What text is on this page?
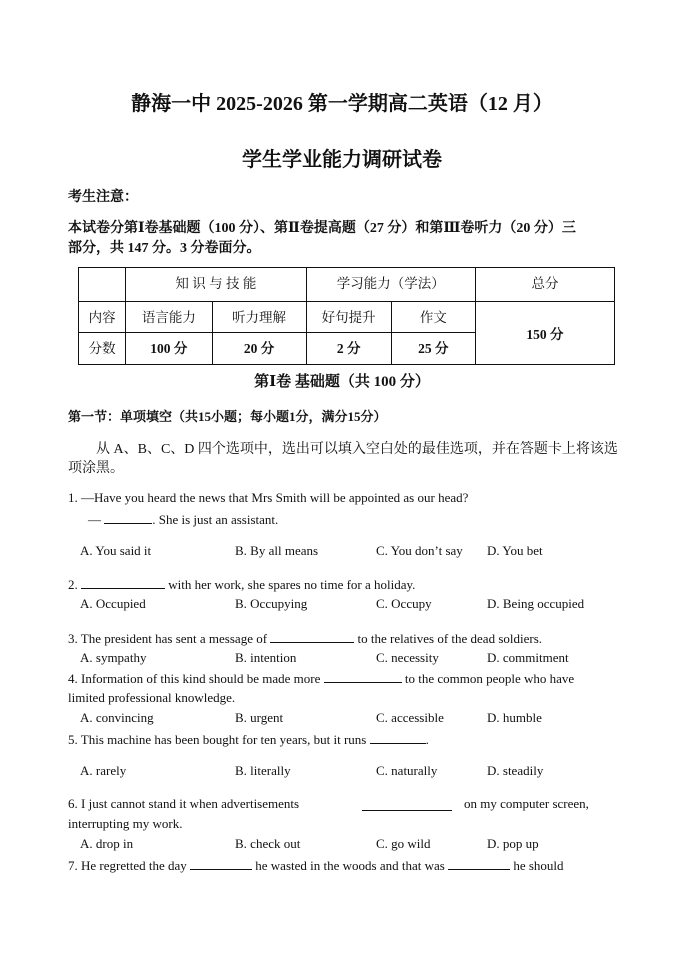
静海一中 2025-2026 第一学期高二英语（12 月）
学生学业能力调研试卷
考生注意：
本试卷分第Ⅰ卷基础题（100 分）、第Ⅱ卷提高题（27 分）和第Ⅲ卷听力（20 分）三
部分，共 147 分。3 分卷面分。
	知 识 与 技 能		学习能力（学法）		总分
内容	语言能力	听力理解	好句提升	作文	150 分
分数	100 分	20 分	2 分	25 分	
第Ⅰ卷 基础题（共 100 分）
第一节：单项填空（共15小题；每小题1分，满分15分）
从 A、B、C、D 四个选项中，选出可以填入空白处的最佳选项，并在答题卡上将该选
项涂黑。
1. —Have you heard the news that Mrs Smith will be appointed as our head?
—	. She is just an assistant.
A. You said it	B. By all means	C. You don’t say D. You bet
2.	with her work, she spares no time for a holiday.
A. Occupied	B. Occupying	C. Occupy	D. Being occupied
3. The president has sent a message of	to the relatives of the dead soldiers.
A. sympathy	B. intention	C. necessity	D. commitment
4. Information of this kind should be made more	to the common people who have
limited professional knowledge.
A. convincing	B. urgent	C. accessible	D. humble
5. This machine has been bought for ten years, but it runs	.
A. rarely	B. literally	C. naturally	D. steadily
6. I just cannot stand it when advertisements	on my computer screen,
interrupting my work.
A. drop in	B. check out	C. go wild	D. pop up
7. He regretted the day	he wasted in the woods and that was	he should
